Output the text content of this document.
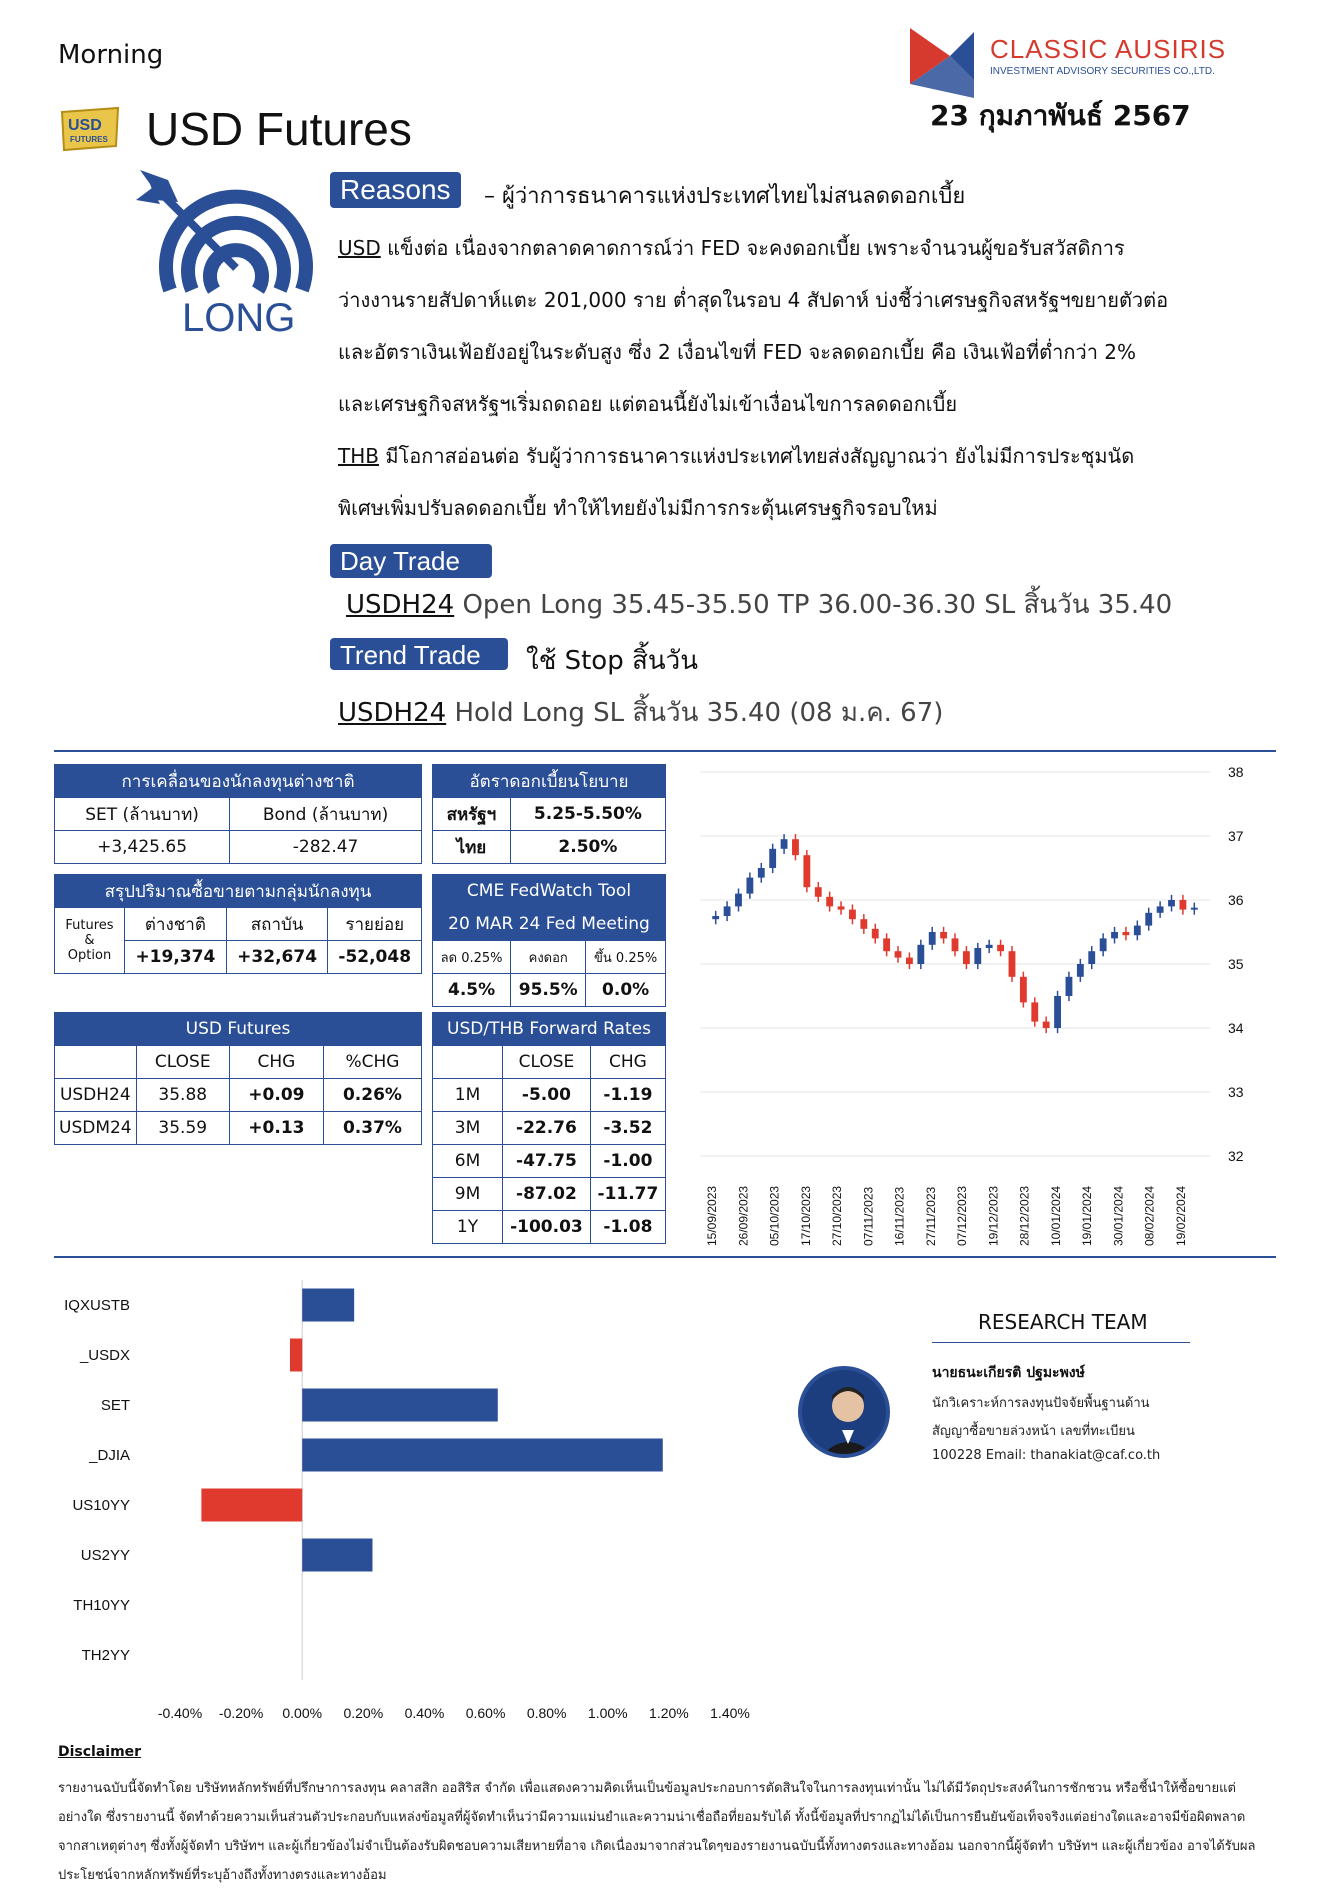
Morning
USD
FUTURES USD Futures
CLASSIC AUSIRIS
INVESTMENT ADVISORY SECURITIES CO.,LTD.
23 กุมภาพันธ์ 2567
LONG
Reasons	– ผู้ว่าการธนาคารแห่งประเทศไทยไม่สนลดดอกเบี้ย
USD แข็งต่อ เนื่องจากตลาดคาดการณ์ว่า FED จะคงดอกเบี้ย เพราะจำนวนผู้ขอรับสวัสดิการ
ว่างงานรายสัปดาห์แตะ 201,000 ราย ต่ำสุดในรอบ 4 สัปดาห์ บ่งชี้ว่าเศรษฐกิจสหรัฐฯขยายตัวต่อ
และอัตราเงินเฟ้อยังอยู่ในระดับสูง ซึ่ง 2 เงื่อนไขที่ FED จะลดดอกเบี้ย คือ เงินเฟ้อที่ต่ำกว่า 2%
และเศรษฐกิจสหรัฐฯเริ่มถดถอย แต่ตอนนี้ยังไม่เข้าเงื่อนไขการลดดอกเบี้ย
THB มีโอกาสอ่อนต่อ รับผู้ว่าการธนาคารแห่งประเทศไทยส่งสัญญาณว่า ยังไม่มีการประชุมนัด
พิเศษเพิ่มปรับลดดอกเบี้ย ทำให้ไทยยังไม่มีการกระตุ้นเศรษฐกิจรอบใหม่
Day Trade
USDH24 Open Long 35.45-35.50 TP 36.00-36.30 SL สิ้นวัน 35.40
Trend Trade	ใช้ Stop สิ้นวัน
USDH24 Hold Long SL สิ้นวัน 35.40 (08 ม.ค. 67)
การเคลื่อนของนักลงทุนต่างชาติ	
SET (ล้านบาท)	Bond (ล้านบาท)
+3,425.65	-282.47
อัตราดอกเบี้ยนโยบาย	
สหรัฐฯ	5.25-5.50%
ไทย	2.50%
สรุปปริมาณซื้อขายตามกลุ่มนักลงทุน			

Futures &
Option	ต่างชาติ	สถาบัน	รายย่อย
	+19,374	+32,674	-52,048
CME FedWatch Tool		
20 MAR 24 Fed Meeting		
ลด 0.25%	คงดอก	ขึ้น 0.25%
4.5%	95.5%	0.0%
USD Futures			
	CLOSE	CHG	%CHG
USDH24	35.88	+0.09	0.26%
USDM24	35.59	+0.13	0.37%
USD/THB Forward Rates		
	CLOSE	CHG
1M	-5.00	-1.19
3M	-22.76	-3.52
6M	-47.75	-1.00
9M	-87.02	-11.77
1Y	-100.03	-1.08
38
37
36
35
34
33
32
15/09/2023 26/09/2023 05/10/2023 17/10/2023 27/10/2023 07/11/2023 16/11/2023 27/11/2023 07/12/2023 19/12/2023 28/12/2023 10/01/2024 19/01/2024 30/01/2024 08/02/2024 19/02/2024
IQXUSTB
_USDX
SET
_DJIA
US10YY
US2YY
TH10YY
TH2YY
-0.40% -0.20% 0.00% 0.20% 0.40% 0.60% 0.80% 1.00% 1.20% 1.40%
RESEARCH TEAM
นายธนะเกียรติ ปฐมะพงษ์
นักวิเคราะห์การลงทุนปัจจัยพื้นฐานด้าน
สัญญาซื้อขายล่วงหน้า เลขที่ทะเบียน
100228 Email: thanakiat@caf.co.th
Disclaimer
รายงานฉบับนี้จัดทำโดย บริษัทหลักทรัพย์ที่ปรึกษาการลงทุน คลาสสิก ออสิริส จำกัด เพื่อแสดงความคิดเห็นเป็นข้อมูลประกอบการตัดสินใจในการลงทุนเท่านั้น ไม่ได้มีวัตถุประสงค์ในการชักชวน หรือชี้นำให้ซื้อขายแต่อย่างใด ซึ่งรายงานนี้ จัดทำด้วยความเห็นส่วนตัวประกอบกับแหล่งข้อมูลที่ผู้จัดทำเห็นว่ามีความแม่นยำและความน่าเชื่อถือที่ยอมรับได้ ทั้งนี้ข้อมูลที่ปรากฏไม่ได้เป็นการยืนยันข้อเท็จจริงแต่อย่างใดและอาจมีข้อผิดพลาดจากสาเหตุต่างๆ ซึ่งทั้งผู้จัดทำ บริษัทฯ และผู้เกี่ยวข้องไม่จำเป็นต้องรับผิดชอบความเสียหายที่อาจ เกิดเนื่องมาจากส่วนใดๆของรายงานฉบับนี้ทั้งทางตรงและทางอ้อม นอกจากนี้ผู้จัดทำ บริษัทฯ และผู้เกี่ยวข้อง อาจได้รับผลประโยชน์จากหลักทรัพย์ที่ระบุอ้างถึงทั้งทางตรงและทางอ้อม
